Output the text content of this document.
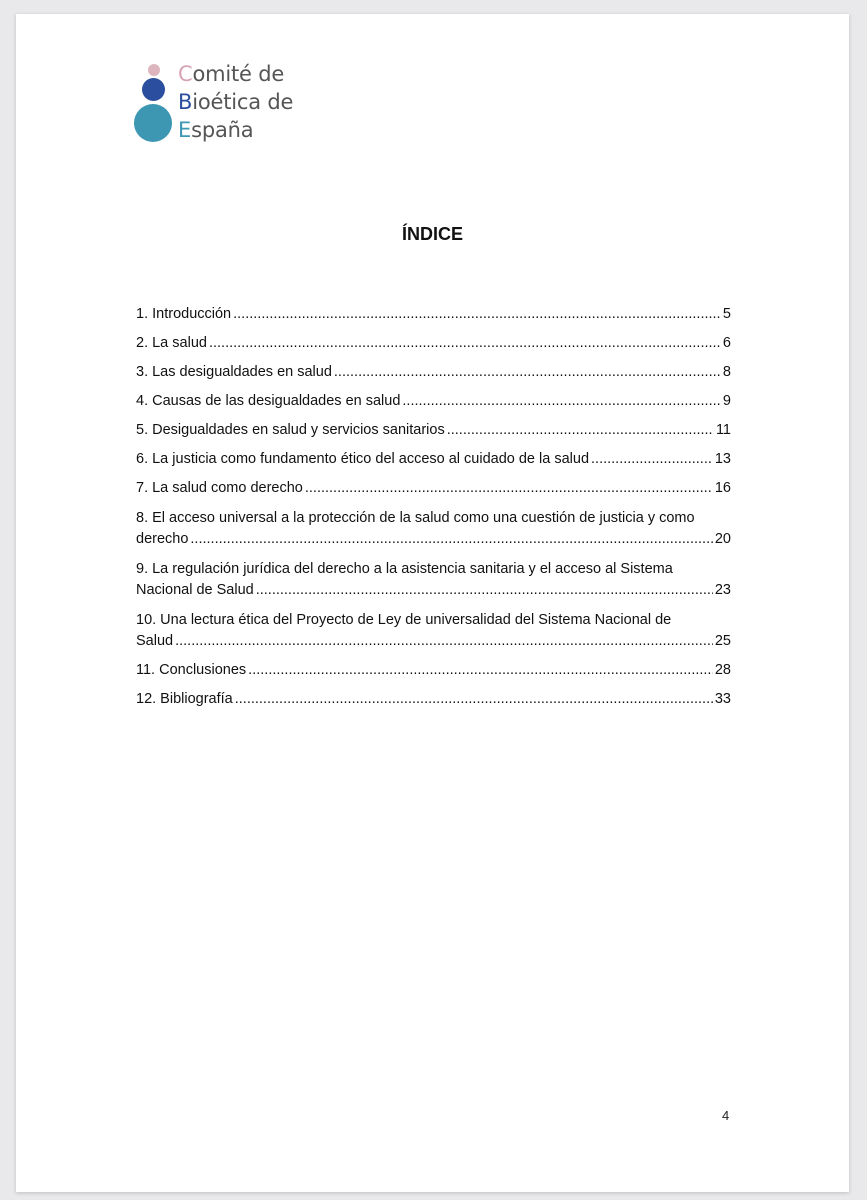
Comité de
Bioética de
España
ÍNDICE
1. Introducción .....	5
2. La salud .....	6
3. Las desigualdades en salud .....	8
4. Causas de las desigualdades en salud .....	9
5. Desigualdades en salud y servicios sanitarios .....	11
6. La justicia como fundamento ético del acceso al cuidado de la salud .....	13
7. La salud como derecho .....	16
8. El acceso universal a la protección de la salud como una cuestión de justicia y como
derecho .....	20
9. La regulación jurídica del derecho a la asistencia sanitaria y el acceso al Sistema
Nacional de Salud .....	23
10. Una lectura ética del Proyecto de Ley de universalidad del Sistema Nacional de
Salud .....	25
11. Conclusiones .....	28
12. Bibliografía .....	33
4
